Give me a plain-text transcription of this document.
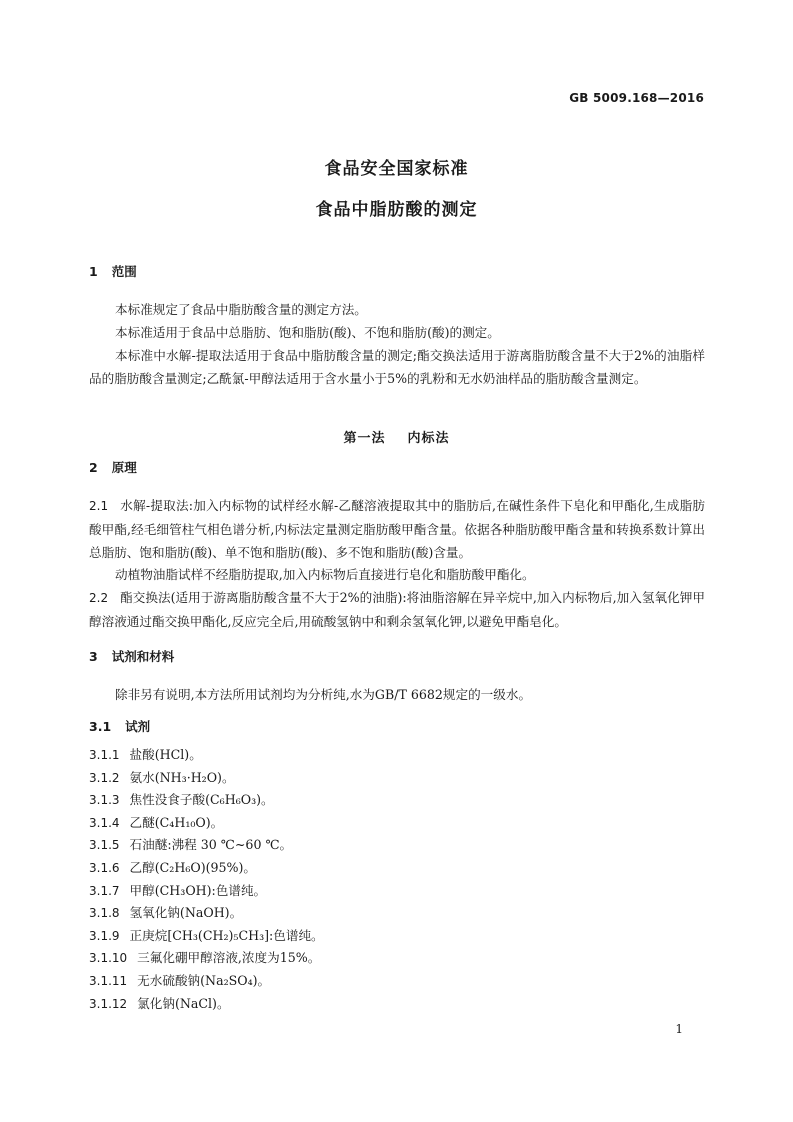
GB 5009.168—2016
食品安全国家标准
食品中脂肪酸的测定
1 范围
本标准规定了食品中脂肪酸含量的测定方法。
本标准适用于食品中总脂肪、饱和脂肪(酸)、不饱和脂肪(酸)的测定。
本标准中水解-提取法适用于食品中脂肪酸含量的测定;酯交换法适用于游离脂肪酸含量不大于2%的油脂样品的脂肪酸含量测定;乙酰氯-甲醇法适用于含水量小于5%的乳粉和无水奶油样品的脂肪酸含量测定。
第一法 内标法
2 原理
2.1 水解-提取法:加入内标物的试样经水解-乙醚溶液提取其中的脂肪后,在碱性条件下皂化和甲酯化,生成脂肪酸甲酯,经毛细管柱气相色谱分析,内标法定量测定脂肪酸甲酯含量。依据各种脂肪酸甲酯含量和转换系数计算出总脂肪、饱和脂肪(酸)、单不饱和脂肪(酸)、多不饱和脂肪(酸)含量。
动植物油脂试样不经脂肪提取,加入内标物后直接进行皂化和脂肪酸甲酯化。
2.2 酯交换法(适用于游离脂肪酸含量不大于2%的油脂):将油脂溶解在异辛烷中,加入内标物后,加入氢氧化钾甲醇溶液通过酯交换甲酯化,反应完全后,用硫酸氢钠中和剩余氢氧化钾,以避免甲酯皂化。
3 试剂和材料
除非另有说明,本方法所用试剂均为分析纯,水为GB/T 6682规定的一级水。
3.1 试剂
3.1.1 盐酸(HCl)。
3.1.2 氨水(NH₃·H₂O)。
3.1.3 焦性没食子酸(C₆H₆O₃)。
3.1.4 乙醚(C₄H₁₀O)。
3.1.5 石油醚:沸程 30 ℃~60 ℃。
3.1.6 乙醇(C₂H₆O)(95%)。
3.1.7 甲醇(CH₃OH):色谱纯。
3.1.8 氢氧化钠(NaOH)。
3.1.9 正庚烷[CH₃(CH₂)₅CH₃]:色谱纯。
3.1.10 三氟化硼甲醇溶液,浓度为15%。
3.1.11 无水硫酸钠(Na₂SO₄)。
3.1.12 氯化钠(NaCl)。
1
